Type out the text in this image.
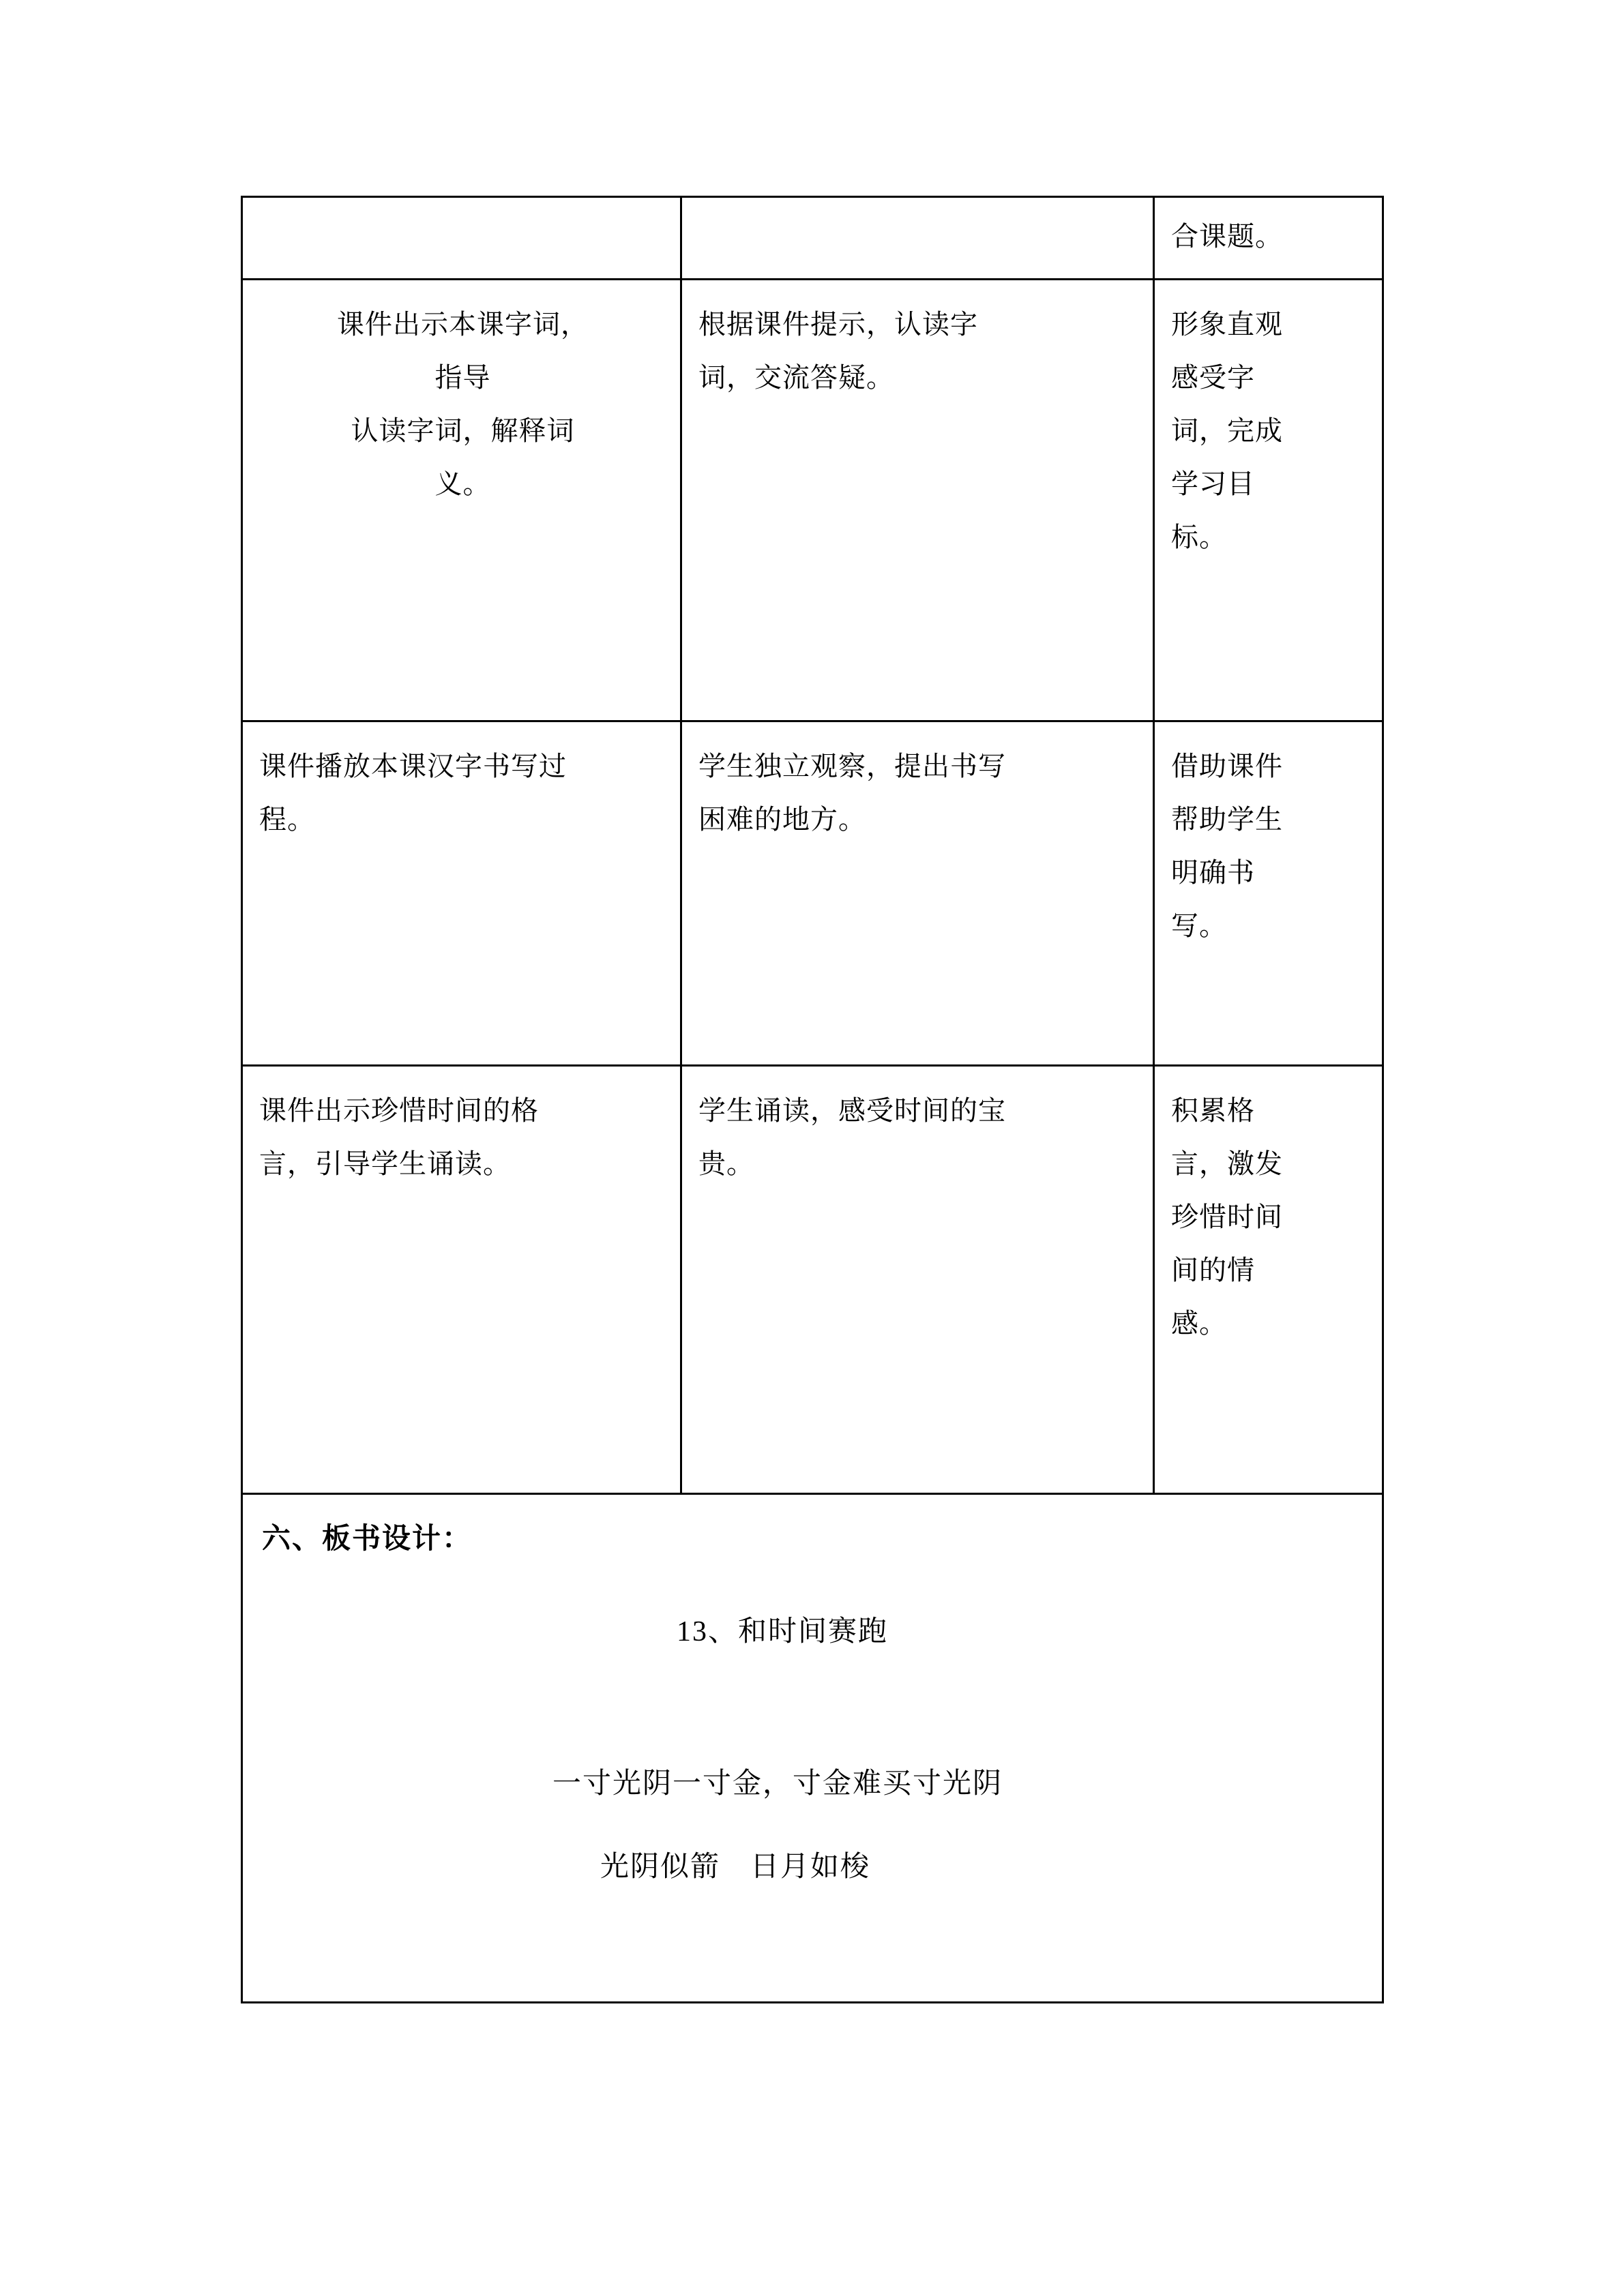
		合课题。

课件出示本课字词，
指导
认读字词，解释词
义。	根据课件提示，认读字
词，交流答疑。	形象直观
感受字
词，完成
学习目
标。

课件播放本课汉字书写过
程。	学生独立观察，提出书写
困难的地方。	借助课件
帮助学生
明确书
写。

课件出示珍惜时间的格
言，引导学生诵读。	学生诵读，感受时间的宝
贵。	积累格
言，激发
珍惜时间
间的情
感。

六、板书设计：
13、和时间赛跑
一寸光阴一寸金，寸金难买寸光阴
光阴似箭　日月如梭		
